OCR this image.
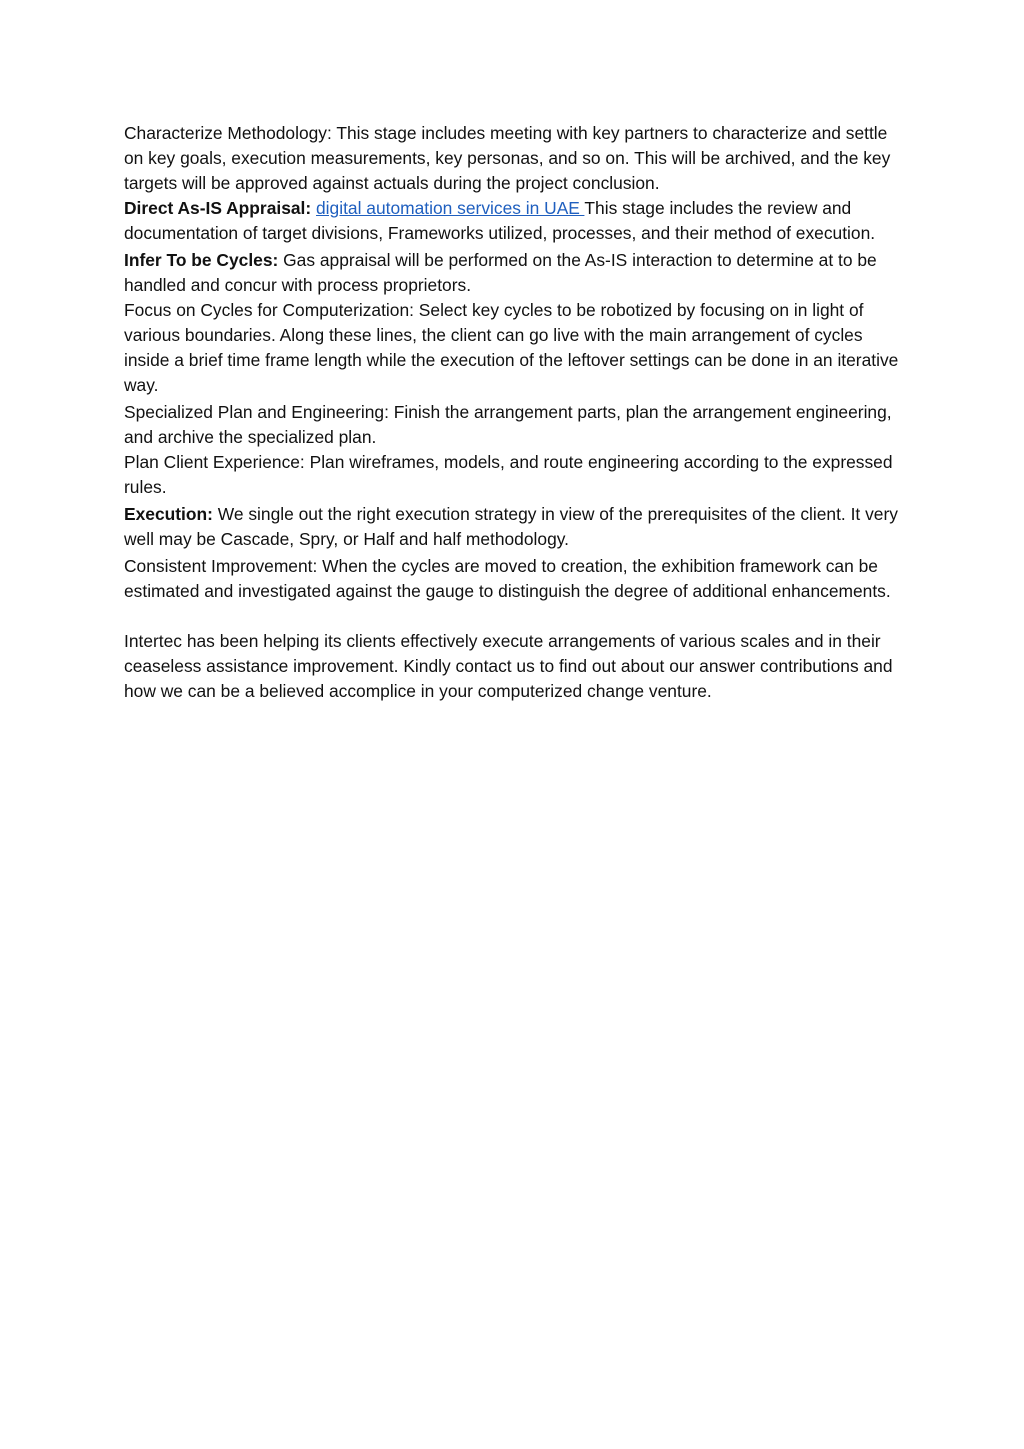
Characterize Methodology: This stage includes meeting with key partners to characterize and settle on key goals, execution measurements, key personas, and so on. This will be archived, and the key targets will be approved against actuals during the project conclusion.

Direct As-IS Appraisal: digital automation services in UAE This stage includes the review and documentation of target divisions, Frameworks utilized, processes, and their method of execution.

Infer To be Cycles: Gas appraisal will be performed on the As-IS interaction to determine at to be handled and concur with process proprietors.

Focus on Cycles for Computerization: Select key cycles to be robotized by focusing on in light of various boundaries. Along these lines, the client can go live with the main arrangement of cycles inside a brief time frame length while the execution of the leftover settings can be done in an iterative way.

Specialized Plan and Engineering: Finish the arrangement parts, plan the arrangement engineering, and archive the specialized plan.

Plan Client Experience: Plan wireframes, models, and route engineering according to the expressed rules.

Execution: We single out the right execution strategy in view of the prerequisites of the client. It very well may be Cascade, Spry, or Half and half methodology.

Consistent Improvement: When the cycles are moved to creation, the exhibition framework can be estimated and investigated against the gauge to distinguish the degree of additional enhancements.

Intertec has been helping its clients effectively execute arrangements of various scales and in their ceaseless assistance improvement. Kindly contact us to find out about our answer contributions and how we can be a believed accomplice in your computerized change venture.
